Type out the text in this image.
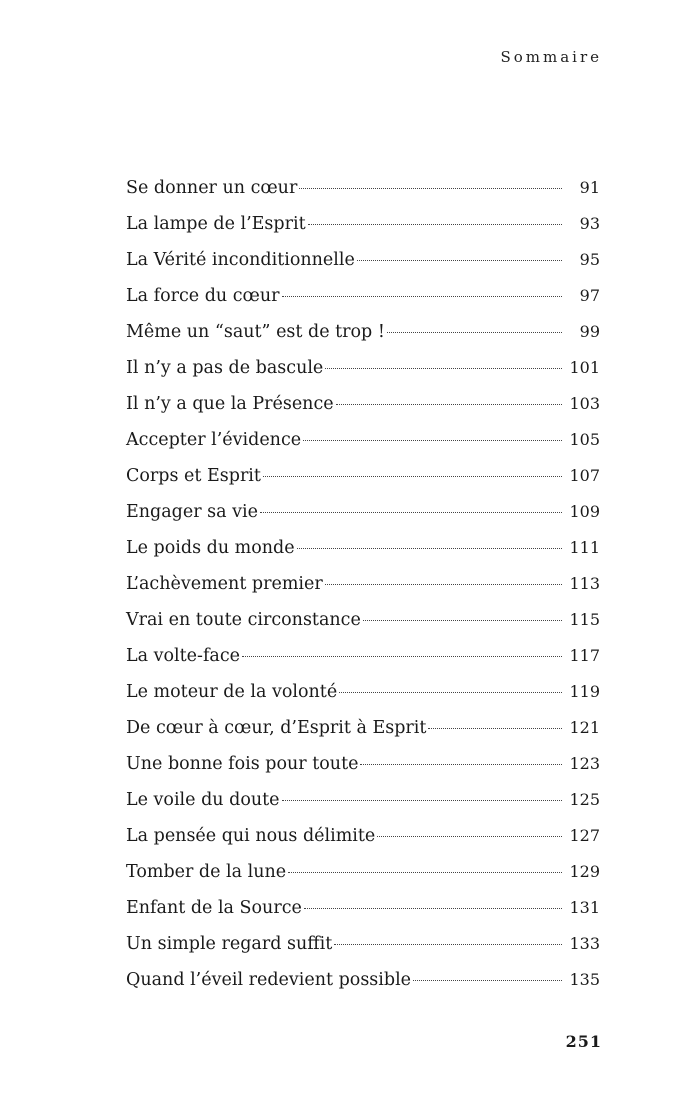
Sommaire
Se donner un cœur	91
La lampe de l’Esprit	93
La Vérité inconditionnelle	95
La force du cœur	97
Même un “saut” est de trop !	99
Il n’y a pas de bascule	101
Il n’y a que la Présence	103
Accepter l’évidence	105
Corps et Esprit	107
Engager sa vie	109
Le poids du monde	111
L’achèvement premier	113
Vrai en toute circonstance	115
La volte-face	117
Le moteur de la volonté	119
De cœur à cœur, d’Esprit à Esprit	121
Une bonne fois pour toute	123
Le voile du doute	125
La pensée qui nous délimite	127
Tomber de la lune	129
Enfant de la Source	131
Un simple regard suffit	133
Quand l’éveil redevient possible	135
251
